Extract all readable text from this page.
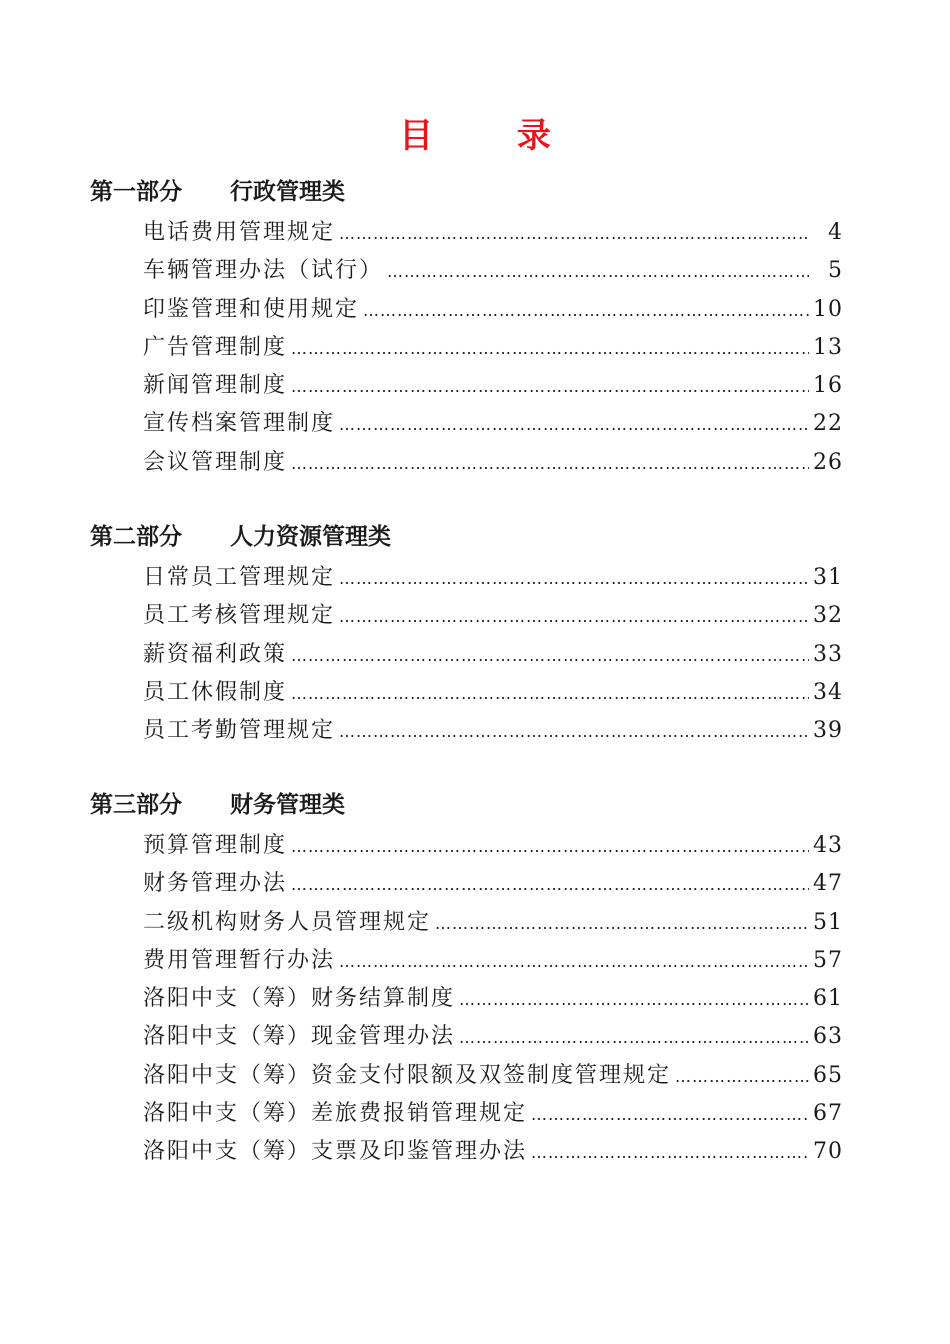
目 录
第一部分 行政管理类
电话费用管理规定 ……………………………………………………………………………………………………………………	4
车辆管理办法（试行） ……………………………………………………………………………………………………………………	5
印鉴管理和使用规定 ……………………………………………………………………………………………………………………	10
广告管理制度 ……………………………………………………………………………………………………………………	13
新闻管理制度 ……………………………………………………………………………………………………………………	16
宣传档案管理制度 ……………………………………………………………………………………………………………………	22
会议管理制度 ……………………………………………………………………………………………………………………	26
第二部分 人力资源管理类
日常员工管理规定 ……………………………………………………………………………………………………………………	31
员工考核管理规定 ……………………………………………………………………………………………………………………	32
薪资福利政策 ……………………………………………………………………………………………………………………	33
员工休假制度 ……………………………………………………………………………………………………………………	34
员工考勤管理规定 ……………………………………………………………………………………………………………………	39
第三部分 财务管理类
预算管理制度 ……………………………………………………………………………………………………………………	43
财务管理办法 ……………………………………………………………………………………………………………………	47
二级机构财务人员管理规定 ……………………………………………………………………………………………………………………	51
费用管理暂行办法 ……………………………………………………………………………………………………………………	57
洛阳中支（筹）财务结算制度 ……………………………………………………………………………………………………………………	61
洛阳中支（筹）现金管理办法 ……………………………………………………………………………………………………………………	63
洛阳中支（筹）资金支付限额及双签制度管理规定 ……………………………………………………………………………………………………………………	65
洛阳中支（筹）差旅费报销管理规定 ……………………………………………………………………………………………………………………	67
洛阳中支（筹）支票及印鉴管理办法 ……………………………………………………………………………………………………………………	70
